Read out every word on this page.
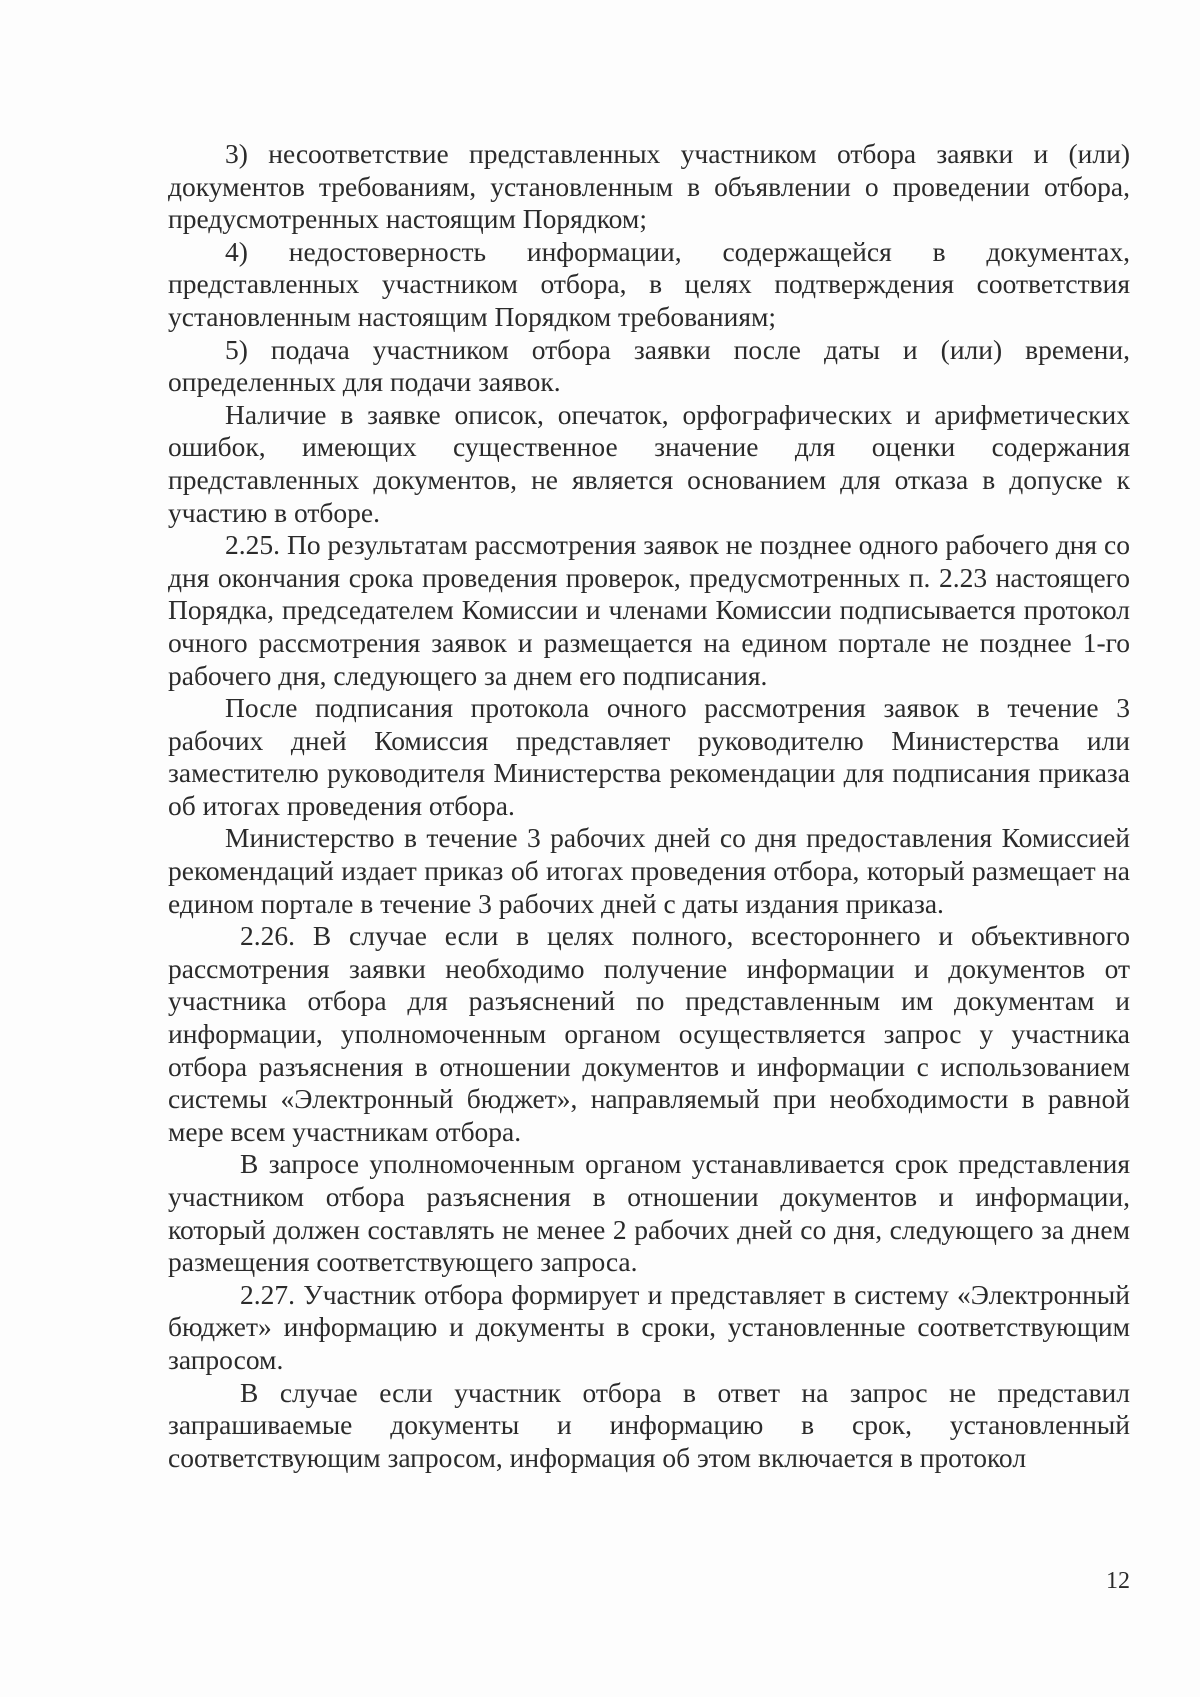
3) несоответствие представленных участником отбора заявки и (или) документов требованиям, установленным в объявлении о проведении отбора, предусмотренных настоящим Порядком;

4) недостоверность информации, содержащейся в документах, представленных участником отбора, в целях подтверждения соответствия установленным настоящим Порядком требованиям;

5) подача участником отбора заявки после даты и (или) времени, определенных для подачи заявок.

Наличие в заявке описок, опечаток, орфографических и арифметических ошибок, имеющих существенное значение для оценки содержания представленных документов, не является основанием для отказа в допуске к участию в отборе.

2.25. По результатам рассмотрения заявок не позднее одного рабочего дня со дня окончания срока проведения проверок, предусмотренных п. 2.23 настоящего Порядка, председателем Комиссии и членами Комиссии подписывается протокол очного рассмотрения заявок и размещается на едином портале не позднее 1-го рабочего дня, следующего за днем его подписания.

После подписания протокола очного рассмотрения заявок в течение 3 рабочих дней Комиссия представляет руководителю Министерства или заместителю руководителя Министерства рекомендации для подписания приказа об итогах проведения отбора.

Министерство в течение 3 рабочих дней со дня предоставления Комиссией рекомендаций издает приказ об итогах проведения отбора, который размещает на едином портале в течение 3 рабочих дней с даты издания приказа.

2.26. В случае если в целях полного, всестороннего и объективного рассмотрения заявки необходимо получение информации и документов от участника отбора для разъяснений по представленным им документам и информации, уполномоченным органом осуществляется запрос у участника отбора разъяснения в отношении документов и информации с использованием системы «Электронный бюджет», направляемый при необходимости в равной мере всем участникам отбора.

В запросе уполномоченным органом устанавливается срок представления участником отбора разъяснения в отношении документов и информации, который должен составлять не менее 2 рабочих дней со дня, следующего за днем размещения соответствующего запроса.

2.27. Участник отбора формирует и представляет в систему «Электронный бюджет» информацию и документы в сроки, установленные соответствующим запросом.

В случае если участник отбора в ответ на запрос не представил запрашиваемые документы и информацию в срок, установленный соответствующим запросом, информация об этом включается в протокол

12
